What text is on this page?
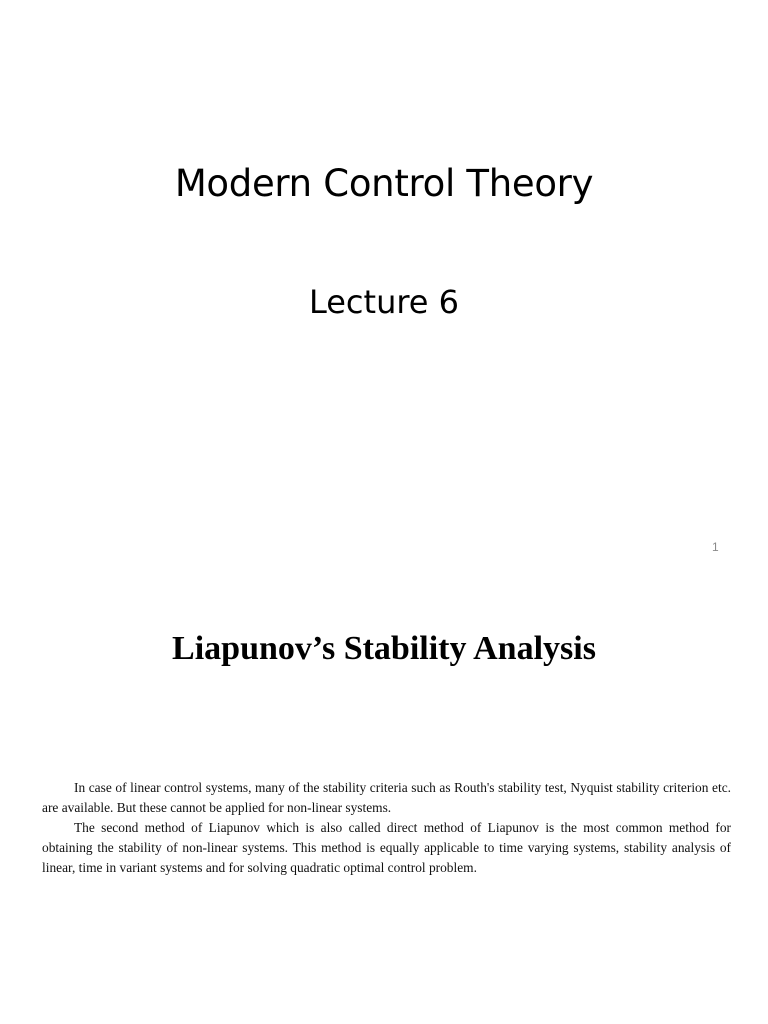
Modern Control Theory
Lecture 6
1
Liapunov’s Stability Analysis

In case of linear control systems, many of the stability criteria such as Routh's stability test, Nyquist stability criterion etc. are available. But these cannot be applied for non-linear systems.

The second method of Liapunov which is also called direct method of Liapunov is the most common method for obtaining the stability of non-linear systems. This method is equally applicable to time varying systems, stability analysis of linear, time in variant systems and for solving quadratic optimal control problem.
